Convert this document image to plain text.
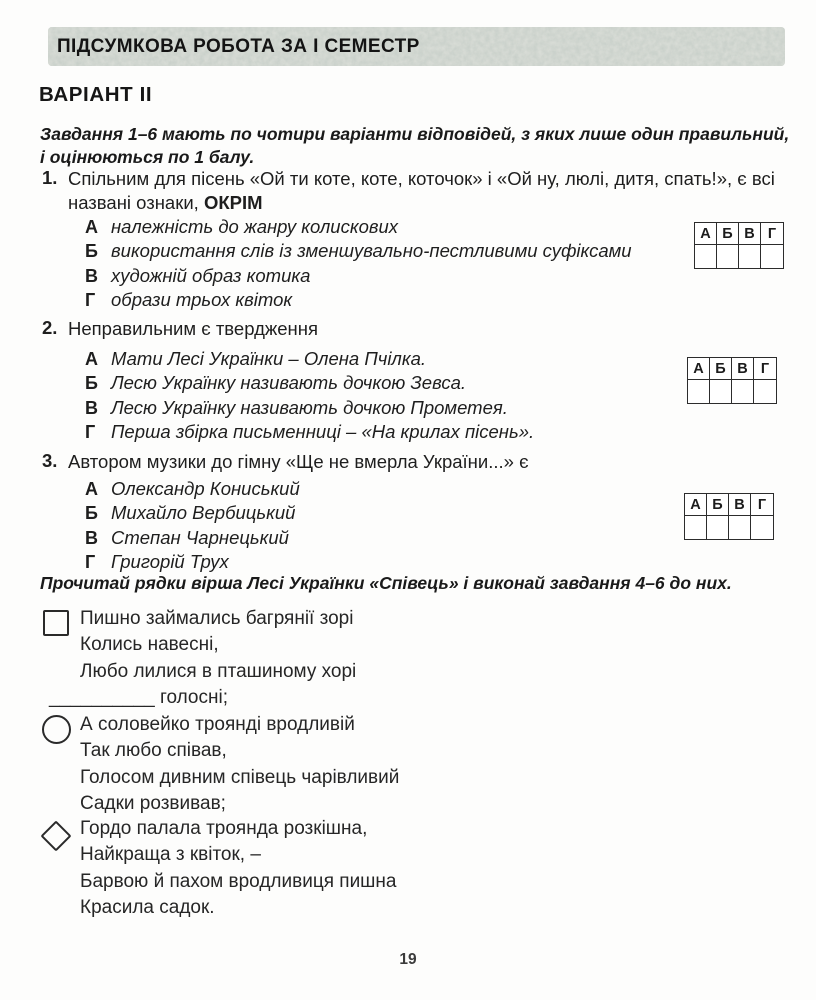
ПІДСУМКОВА РОБОТА ЗА І СЕМЕСТР
ВАРІАНТ II
Завдання 1–6 мають по чотири варіанти відповідей, з яких лише один правильний,
і оцінюються по 1 балу.
1. Спільним для пісень «Ой ти коте, коте, коточок» і «Ой ну, люлі, дитя, спать!», є всі
названі ознаки, ОКРІМ
А належність до жанру колискових
Б використання слів із зменшувально-пестливими суфіксами
В художній образ котика
Г образи трьох квіток
А Б В Г
2. Неправильним є твердження
А Мати Лесі Українки – Олена Пчілка.
Б Лесю Українку називають дочкою Зевса.
В Лесю Українку називають дочкою Прометея.
Г Перша збірка письменниці – «На крилах пісень».
А Б В Г
3. Автором музики до гімну «Ще не вмерла України...» є
А Олександр Кониський
Б Михайло Вербицький
В Степан Чарнецький
Г Григорій Трух
А Б В Г
Прочитай рядки вірша Лесі Українки «Співець» і виконай завдання 4–6 до них.
Пишно займались багрянії зорі
Колись навесні,
Любо лилися в пташиному хорі
__________ голосні;
А соловейко троянді вродливій
Так любо співав,
Голосом дивним співець чарівливий
Садки розвивав;
Гордо палала троянда розкішна,
Найкраща з квіток, –
Барвою й пахом вродливиця пишна
Красила садок.
19
